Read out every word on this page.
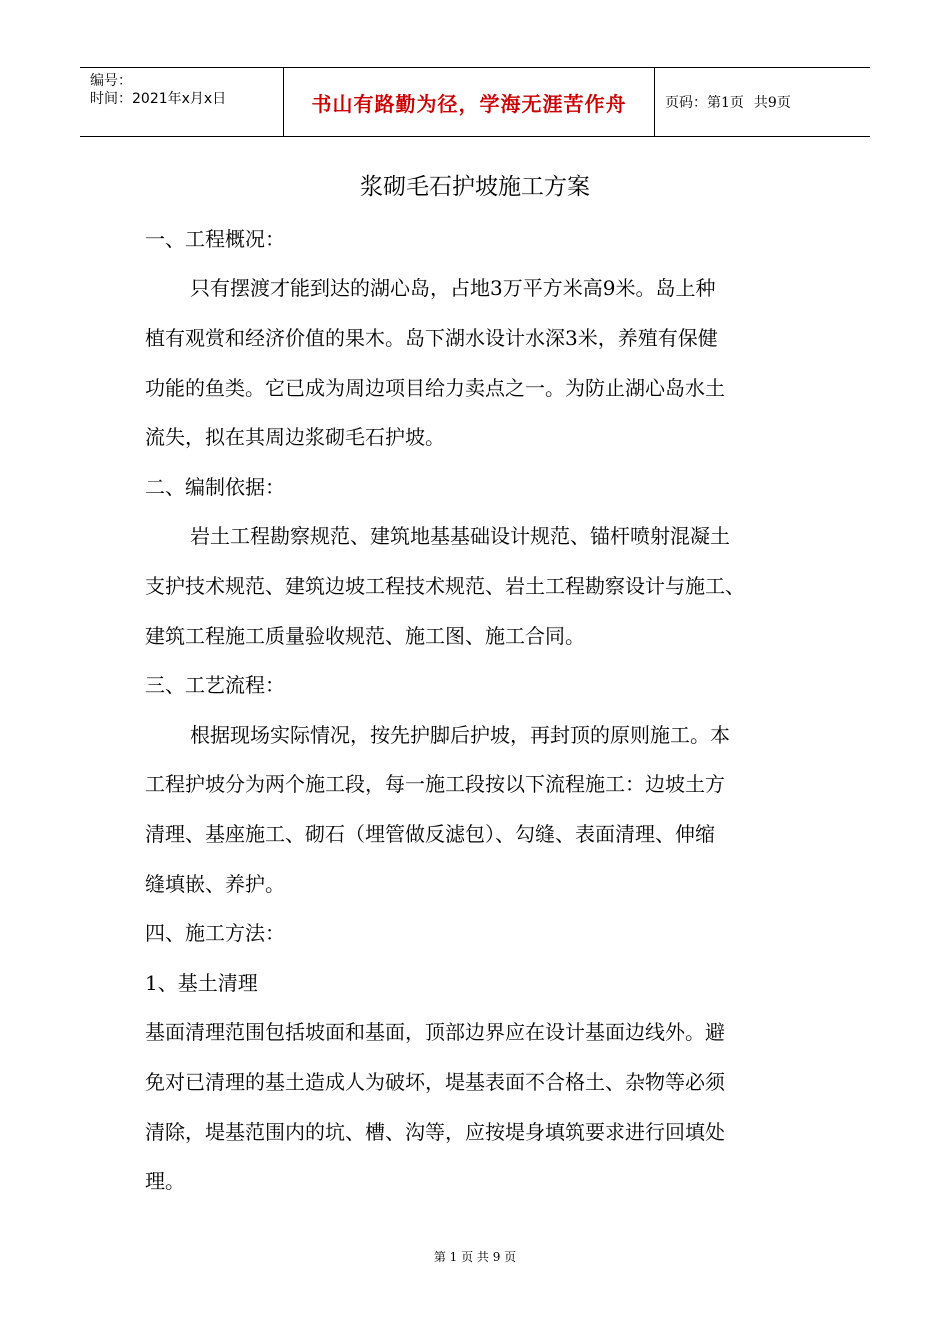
编号：
时间：2021年x月x日	书山有路勤为径，学海无涯苦作舟	页码：第1页 共9页
浆砌毛石护坡施工方案
一、工程概况：
只有摆渡才能到达的湖心岛，占地3万平方米高9米。岛上种
植有观赏和经济价值的果木。岛下湖水设计水深3米，养殖有保健
功能的鱼类。它已成为周边项目给力卖点之一。为防止湖心岛水土
流失，拟在其周边浆砌毛石护坡。
二、编制依据：
岩土工程勘察规范、建筑地基基础设计规范、锚杆喷射混凝土
支护技术规范、建筑边坡工程技术规范、岩土工程勘察设计与施工、
建筑工程施工质量验收规范、施工图、施工合同。
三、工艺流程：
根据现场实际情况，按先护脚后护坡，再封顶的原则施工。本
工程护坡分为两个施工段，每一施工段按以下流程施工：边坡土方
清理、基座施工、砌石（埋管做反滤包）、勾缝、表面清理、伸缩
缝填嵌、养护。
四、施工方法：
1、基土清理
基面清理范围包括坡面和基面，顶部边界应在设计基面边线外。避
免对已清理的基土造成人为破坏，堤基表面不合格土、杂物等必须
清除，堤基范围内的坑、槽、沟等，应按堤身填筑要求进行回填处
理。
第 1 页 共 9 页
